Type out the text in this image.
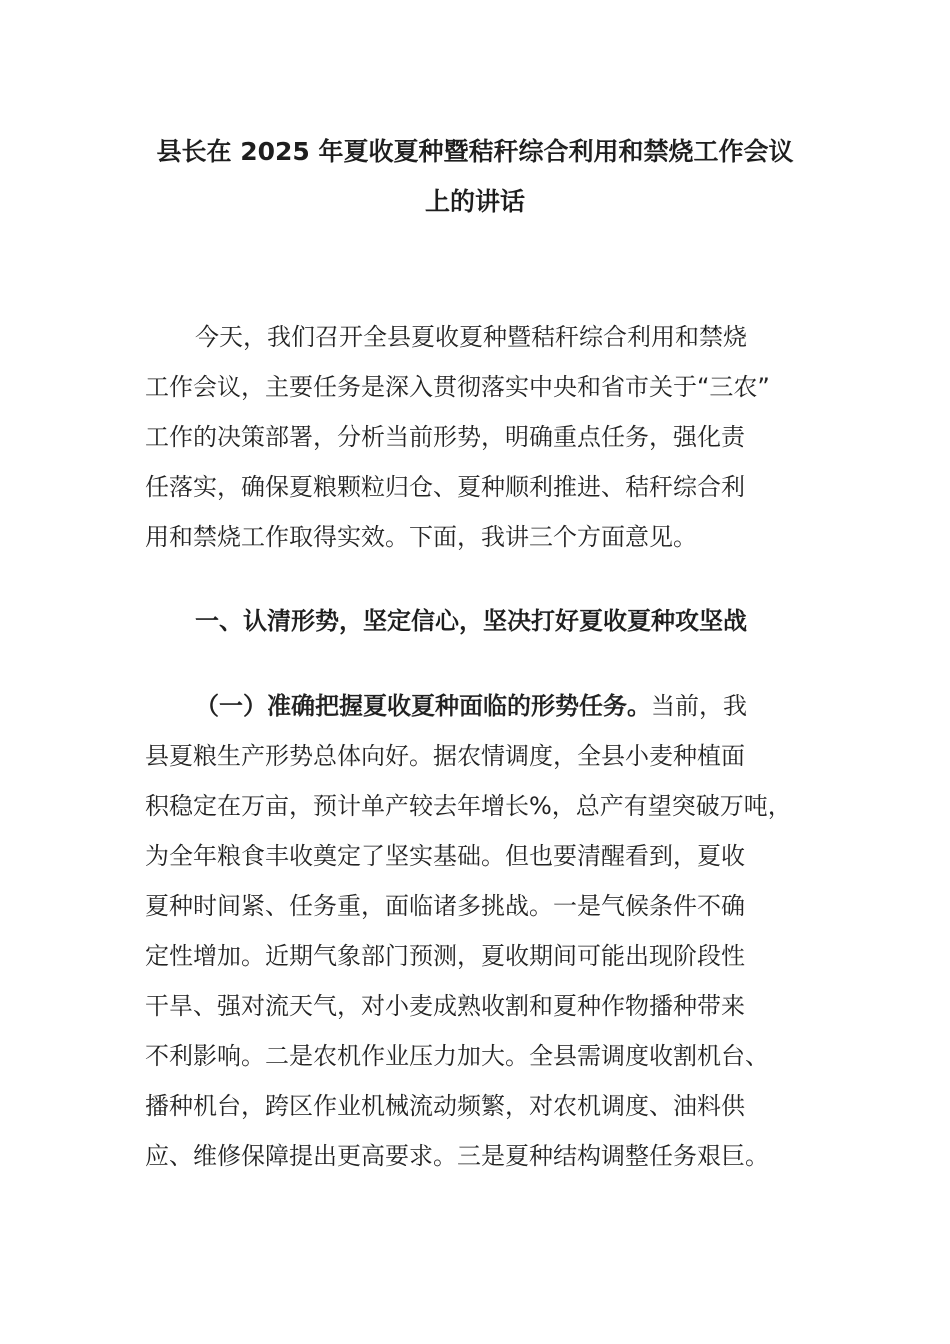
县长在 2025 年夏收夏种暨秸秆综合利用和禁烧工作会议
上的讲话
今天，我们召开全县夏收夏种暨秸秆综合利用和禁烧
工作会议，主要任务是深入贯彻落实中央和省市关于“三农”
工作的决策部署，分析当前形势，明确重点任务，强化责
任落实，确保夏粮颗粒归仓、夏种顺利推进、秸秆综合利
用和禁烧工作取得实效。下面，我讲三个方面意见。
一、认清形势，坚定信心，坚决打好夏收夏种攻坚战
（一）准确把握夏收夏种面临的形势任务。当前，我
县夏粮生产形势总体向好。据农情调度，全县小麦种植面
积稳定在万亩，预计单产较去年增长%，总产有望突破万吨，
为全年粮食丰收奠定了坚实基础。但也要清醒看到，夏收
夏种时间紧、任务重，面临诸多挑战。一是气候条件不确
定性增加。近期气象部门预测，夏收期间可能出现阶段性
干旱、强对流天气，对小麦成熟收割和夏种作物播种带来
不利影响。二是农机作业压力加大。全县需调度收割机台、
播种机台，跨区作业机械流动频繁，对农机调度、油料供
应、维修保障提出更高要求。三是夏种结构调整任务艰巨。
